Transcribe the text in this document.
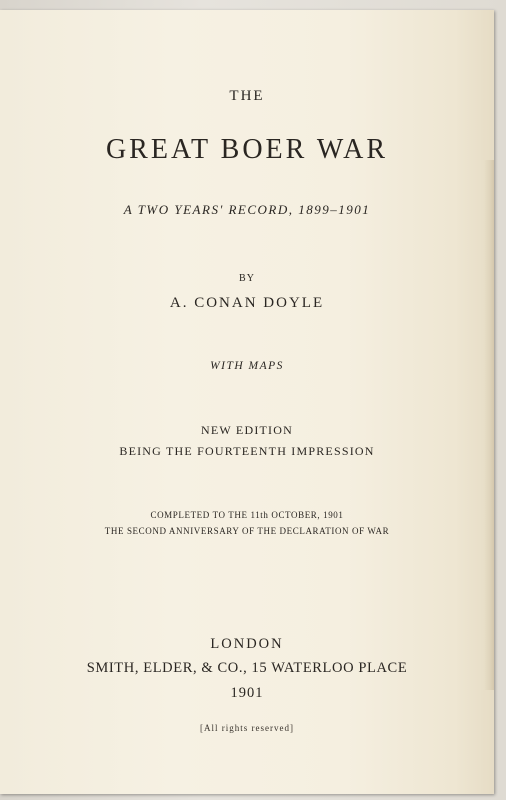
THE
GREAT BOER WAR
A TWO YEARS' RECORD, 1899–1901
BY
A. CONAN DOYLE
WITH MAPS
NEW EDITION
BEING THE FOURTEENTH IMPRESSION
COMPLETED TO THE 11th OCTOBER, 1901
THE SECOND ANNIVERSARY OF THE DECLARATION OF WAR
LONDON
SMITH, ELDER, & CO., 15 WATERLOO PLACE
1901
[All rights reserved]
